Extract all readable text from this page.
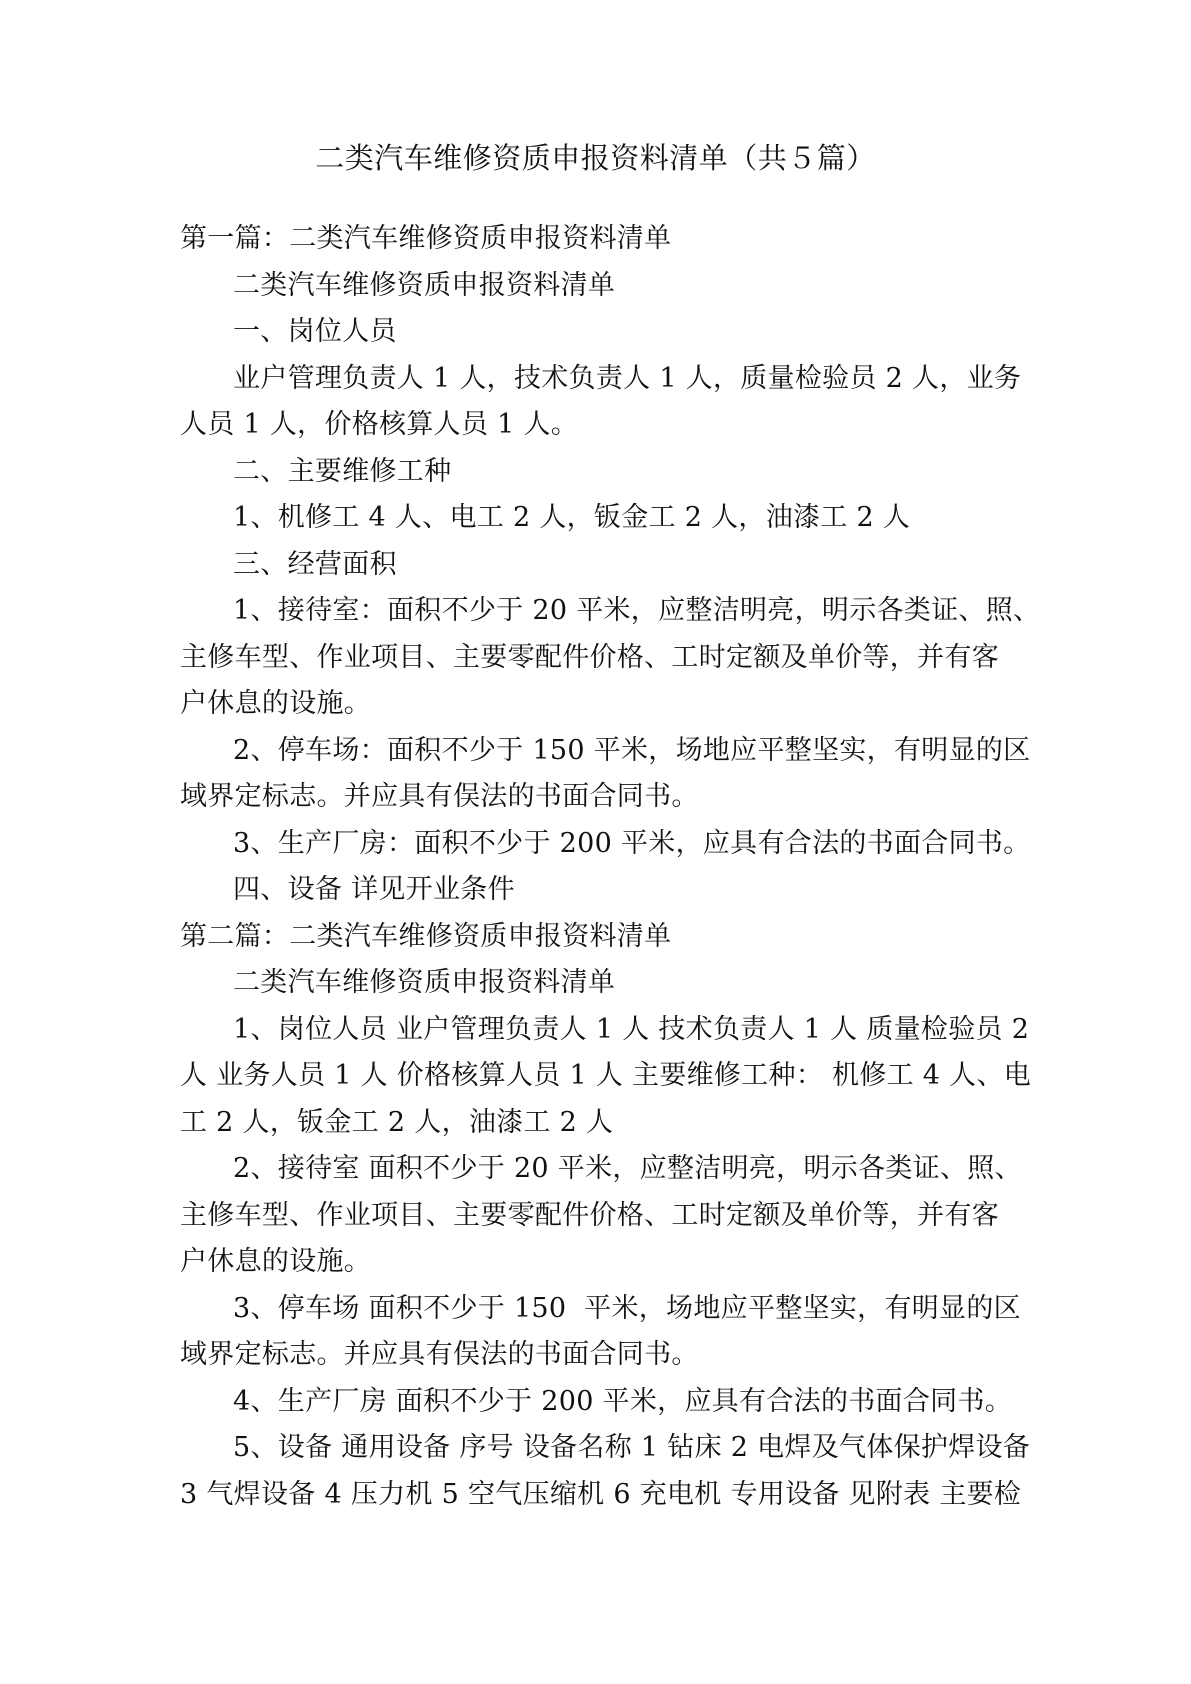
二类汽车维修资质申报资料清单（共５篇）
第一篇：二类汽车维修资质申报资料清单
二类汽车维修资质申报资料清单
一、岗位人员
业户管理负责人 1 人，技术负责人 1 人，质量检验员 2 人，业务
人员 1 人，价格核算人员 1 人。
二、主要维修工种
1、机修工 4 人、电工 2 人，钣金工 2 人，油漆工 2 人
三、经营面积
1、接待室：面积不少于 20 平米，应整洁明亮，明示各类证、照、
主修车型、作业项目、主要零配件价格、工时定额及单价等，并有客
户休息的设施。
2、停车场：面积不少于 150 平米，场地应平整坚实，有明显的区
域界定标志。并应具有俣法的书面合同书。
3、生产厂房：面积不少于 200 平米，应具有合法的书面合同书。
四、设备 详见开业条件
第二篇：二类汽车维修资质申报资料清单
二类汽车维修资质申报资料清单
1、岗位人员 业户管理负责人 1 人 技术负责人 1 人 质量检验员 2
人 业务人员 1 人 价格核算人员 1 人 主要维修工种： 机修工 4 人、电
工 2 人，钣金工 2 人，油漆工 2 人
2、接待室 面积不少于 20 平米，应整洁明亮，明示各类证、照、
主修车型、作业项目、主要零配件价格、工时定额及单价等，并有客
户休息的设施。
3、停车场 面积不少于 150  平米，场地应平整坚实，有明显的区
域界定标志。并应具有俣法的书面合同书。
4、生产厂房 面积不少于 200 平米，应具有合法的书面合同书。
5、设备 通用设备 序号 设备名称 1 钻床 2 电焊及气体保护焊设备
3 气焊设备 4 压力机 5 空气压缩机 6 充电机 专用设备 见附表 主要检
